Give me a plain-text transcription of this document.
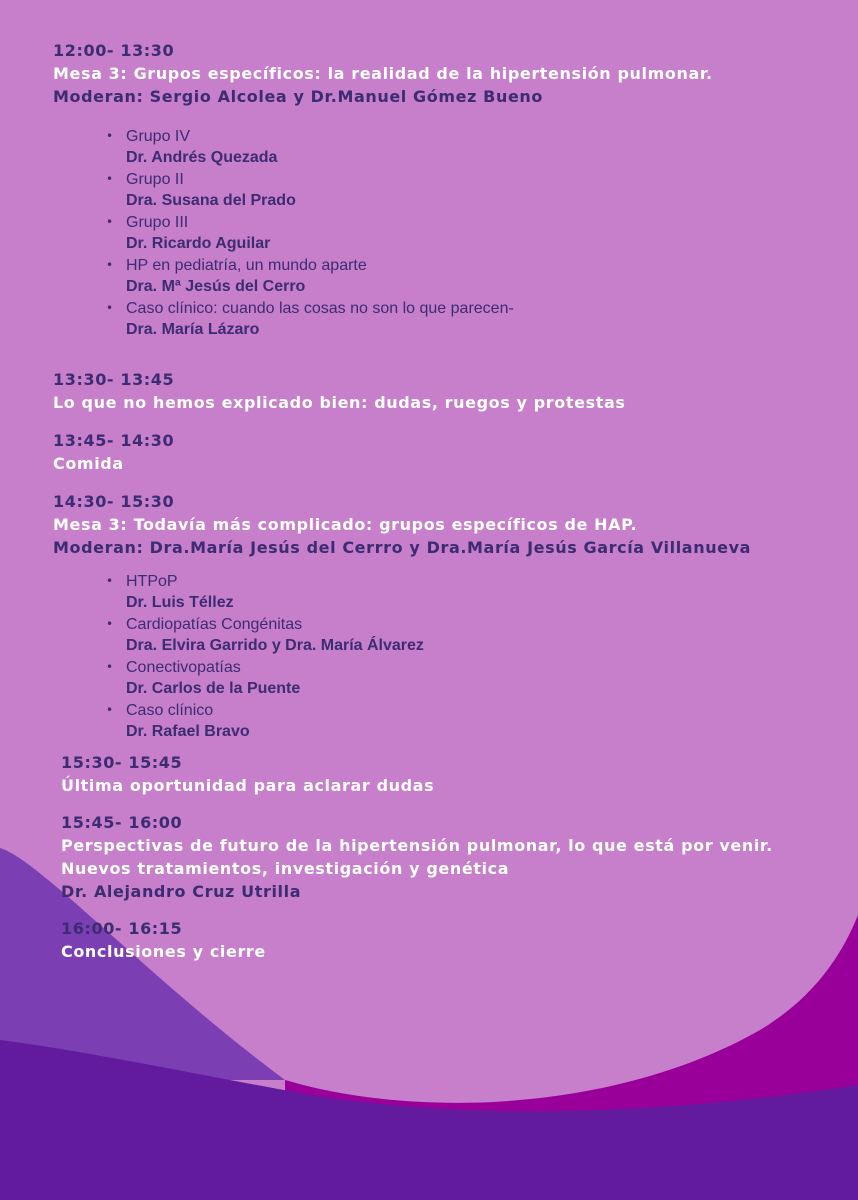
12:00- 13:30
Mesa 3: Grupos específicos: la realidad de la hipertensión pulmonar.
Moderan: Sergio Alcolea y Dr.Manuel Gómez Bueno
• Grupo IV
Dr. Andrés Quezada
• Grupo II
Dra. Susana del Prado
• Grupo III
Dr. Ricardo Aguilar
• HP en pediatría, un mundo aparte
Dra. Mª Jesús del Cerro
• Caso clínico: cuando las cosas no son lo que parecen-
Dra. María Lázaro
13:30- 13:45
Lo que no hemos explicado bien: dudas, ruegos y protestas
13:45- 14:30
Comida
14:30- 15:30
Mesa 3: Todavía más complicado: grupos específicos de HAP.
Moderan: Dra.María Jesús del Cerrro y Dra.María Jesús García Villanueva
• HTPoP
Dr. Luis Téllez
• Cardiopatías Congénitas
Dra. Elvira Garrido y Dra. María Álvarez
• Conectivopatías
Dr. Carlos de la Puente
• Caso clínico
Dr. Rafael Bravo
15:30- 15:45
Última oportunidad para aclarar dudas
15:45- 16:00
Perspectivas de futuro de la hipertensión pulmonar, lo que está por venir.
Nuevos tratamientos, investigación y genética
Dr. Alejandro Cruz Utrilla
16:00- 16:15
Conclusiones y cierre
